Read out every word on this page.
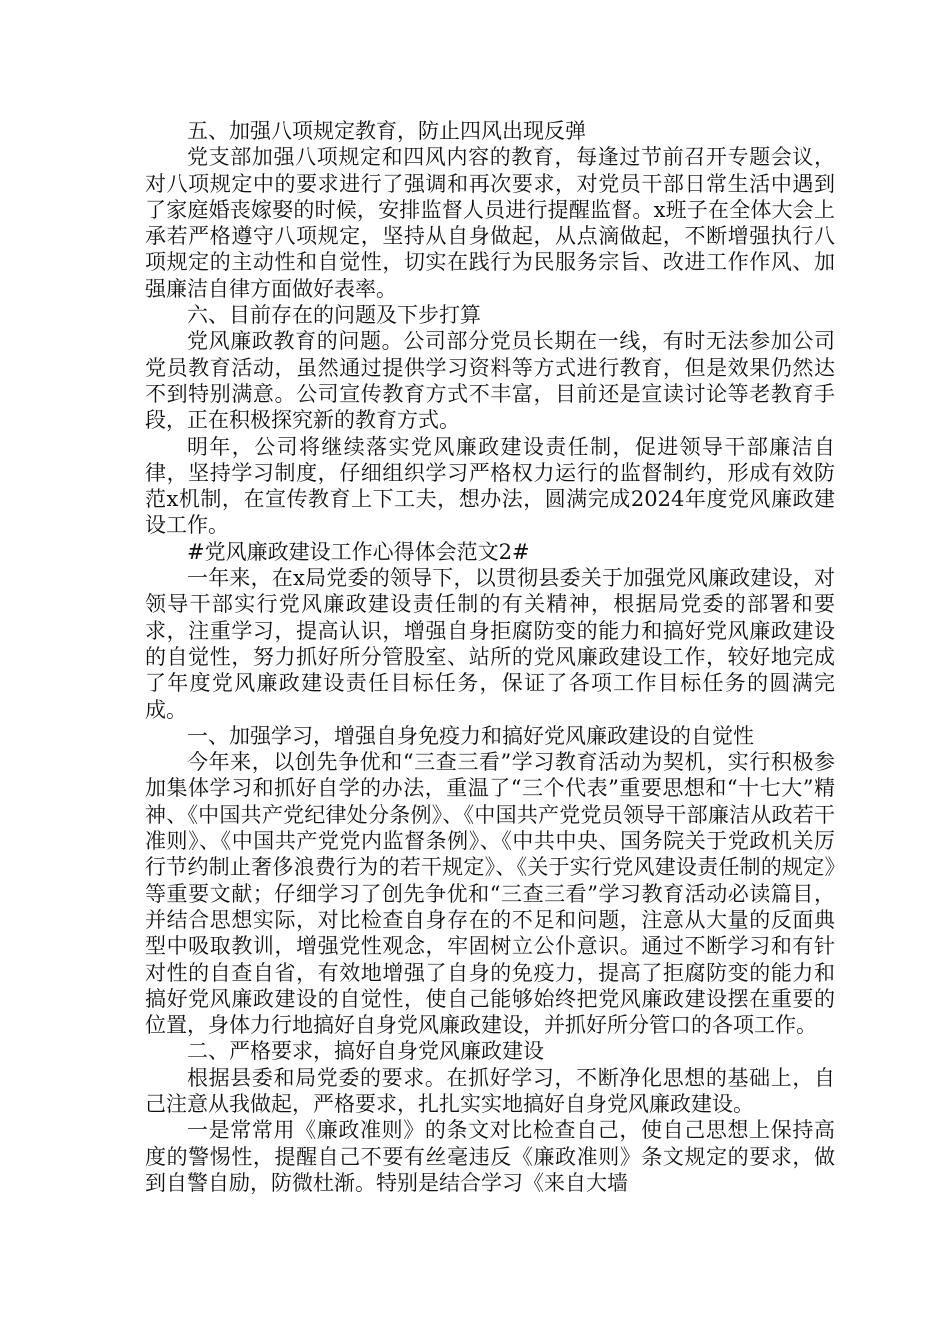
五、加强八项规定教育，防止四风出现反弹

党支部加强八项规定和四风内容的教育，每逢过节前召开专题会议，对八项规定中的要求进行了强调和再次要求，对党员干部日常生活中遇到了家庭婚丧嫁娶的时候，安排监督人员进行提醒监督。x班子在全体大会上承若严格遵守八项规定，坚持从自身做起，从点滴做起，不断增强执行八项规定的主动性和自觉性，切实在践行为民服务宗旨、改进工作作风、加强廉洁自律方面做好表率。

六、目前存在的问题及下步打算

党风廉政教育的问题。公司部分党员长期在一线，有时无法参加公司党员教育活动，虽然通过提供学习资料等方式进行教育，但是效果仍然达不到特别满意。公司宣传教育方式不丰富，目前还是宣读讨论等老教育手段，正在积极探究新的教育方式。

明年，公司将继续落实党风廉政建设责任制，促进领导干部廉洁自律，坚持学习制度，仔细组织学习严格权力运行的监督制约，形成有效防范x机制，在宣传教育上下工夫，想办法，圆满完成2024年度党风廉政建设工作。

#党风廉政建设工作心得体会范文2#

一年来，在x局党委的领导下，以贯彻县委关于加强党风廉政建设，对领导干部实行党风廉政建设责任制的有关精神，根据局党委的部署和要求，注重学习，提高认识，增强自身拒腐防变的能力和搞好党风廉政建设的自觉性，努力抓好所分管股室、站所的党风廉政建设工作，较好地完成了年度党风廉政建设责任目标任务，保证了各项工作目标任务的圆满完成。

一、加强学习，增强自身免疫力和搞好党风廉政建设的自觉性

今年来，以创先争优和“三查三看”学习教育活动为契机，实行积极参加集体学习和抓好自学的办法，重温了“三个代表”重要思想和“十七大”精神、《中国共产党纪律处分条例》、《中国共产党党员领导干部廉洁从政若干准则》、《中国共产党党内监督条例》、《中共中央、国务院关于党政机关厉行节约制止奢侈浪费行为的若干规定》、《关于实行党风建设责任制的规定》等重要文献；仔细学习了创先争优和“三查三看”学习教育活动必读篇目，并结合思想实际，对比检查自身存在的不足和问题，注意从大量的反面典型中吸取教训，增强党性观念，牢固树立公仆意识。通过不断学习和有针对性的自查自省，有效地增强了自身的免疫力，提高了拒腐防变的能力和搞好党风廉政建设的自觉性，使自己能够始终把党风廉政建设摆在重要的位置，身体力行地搞好自身党风廉政建设，并抓好所分管口的各项工作。

二、严格要求，搞好自身党风廉政建设

根据县委和局党委的要求。在抓好学习，不断净化思想的基础上，自己注意从我做起，严格要求，扎扎实实地搞好自身党风廉政建设。

一是常常用《廉政准则》的条文对比检查自己，使自己思想上保持高度的警惕性，提醒自己不要有丝毫违反《廉政准则》条文规定的要求，做到自警自励，防微杜渐。特别是结合学习《来自大墙
